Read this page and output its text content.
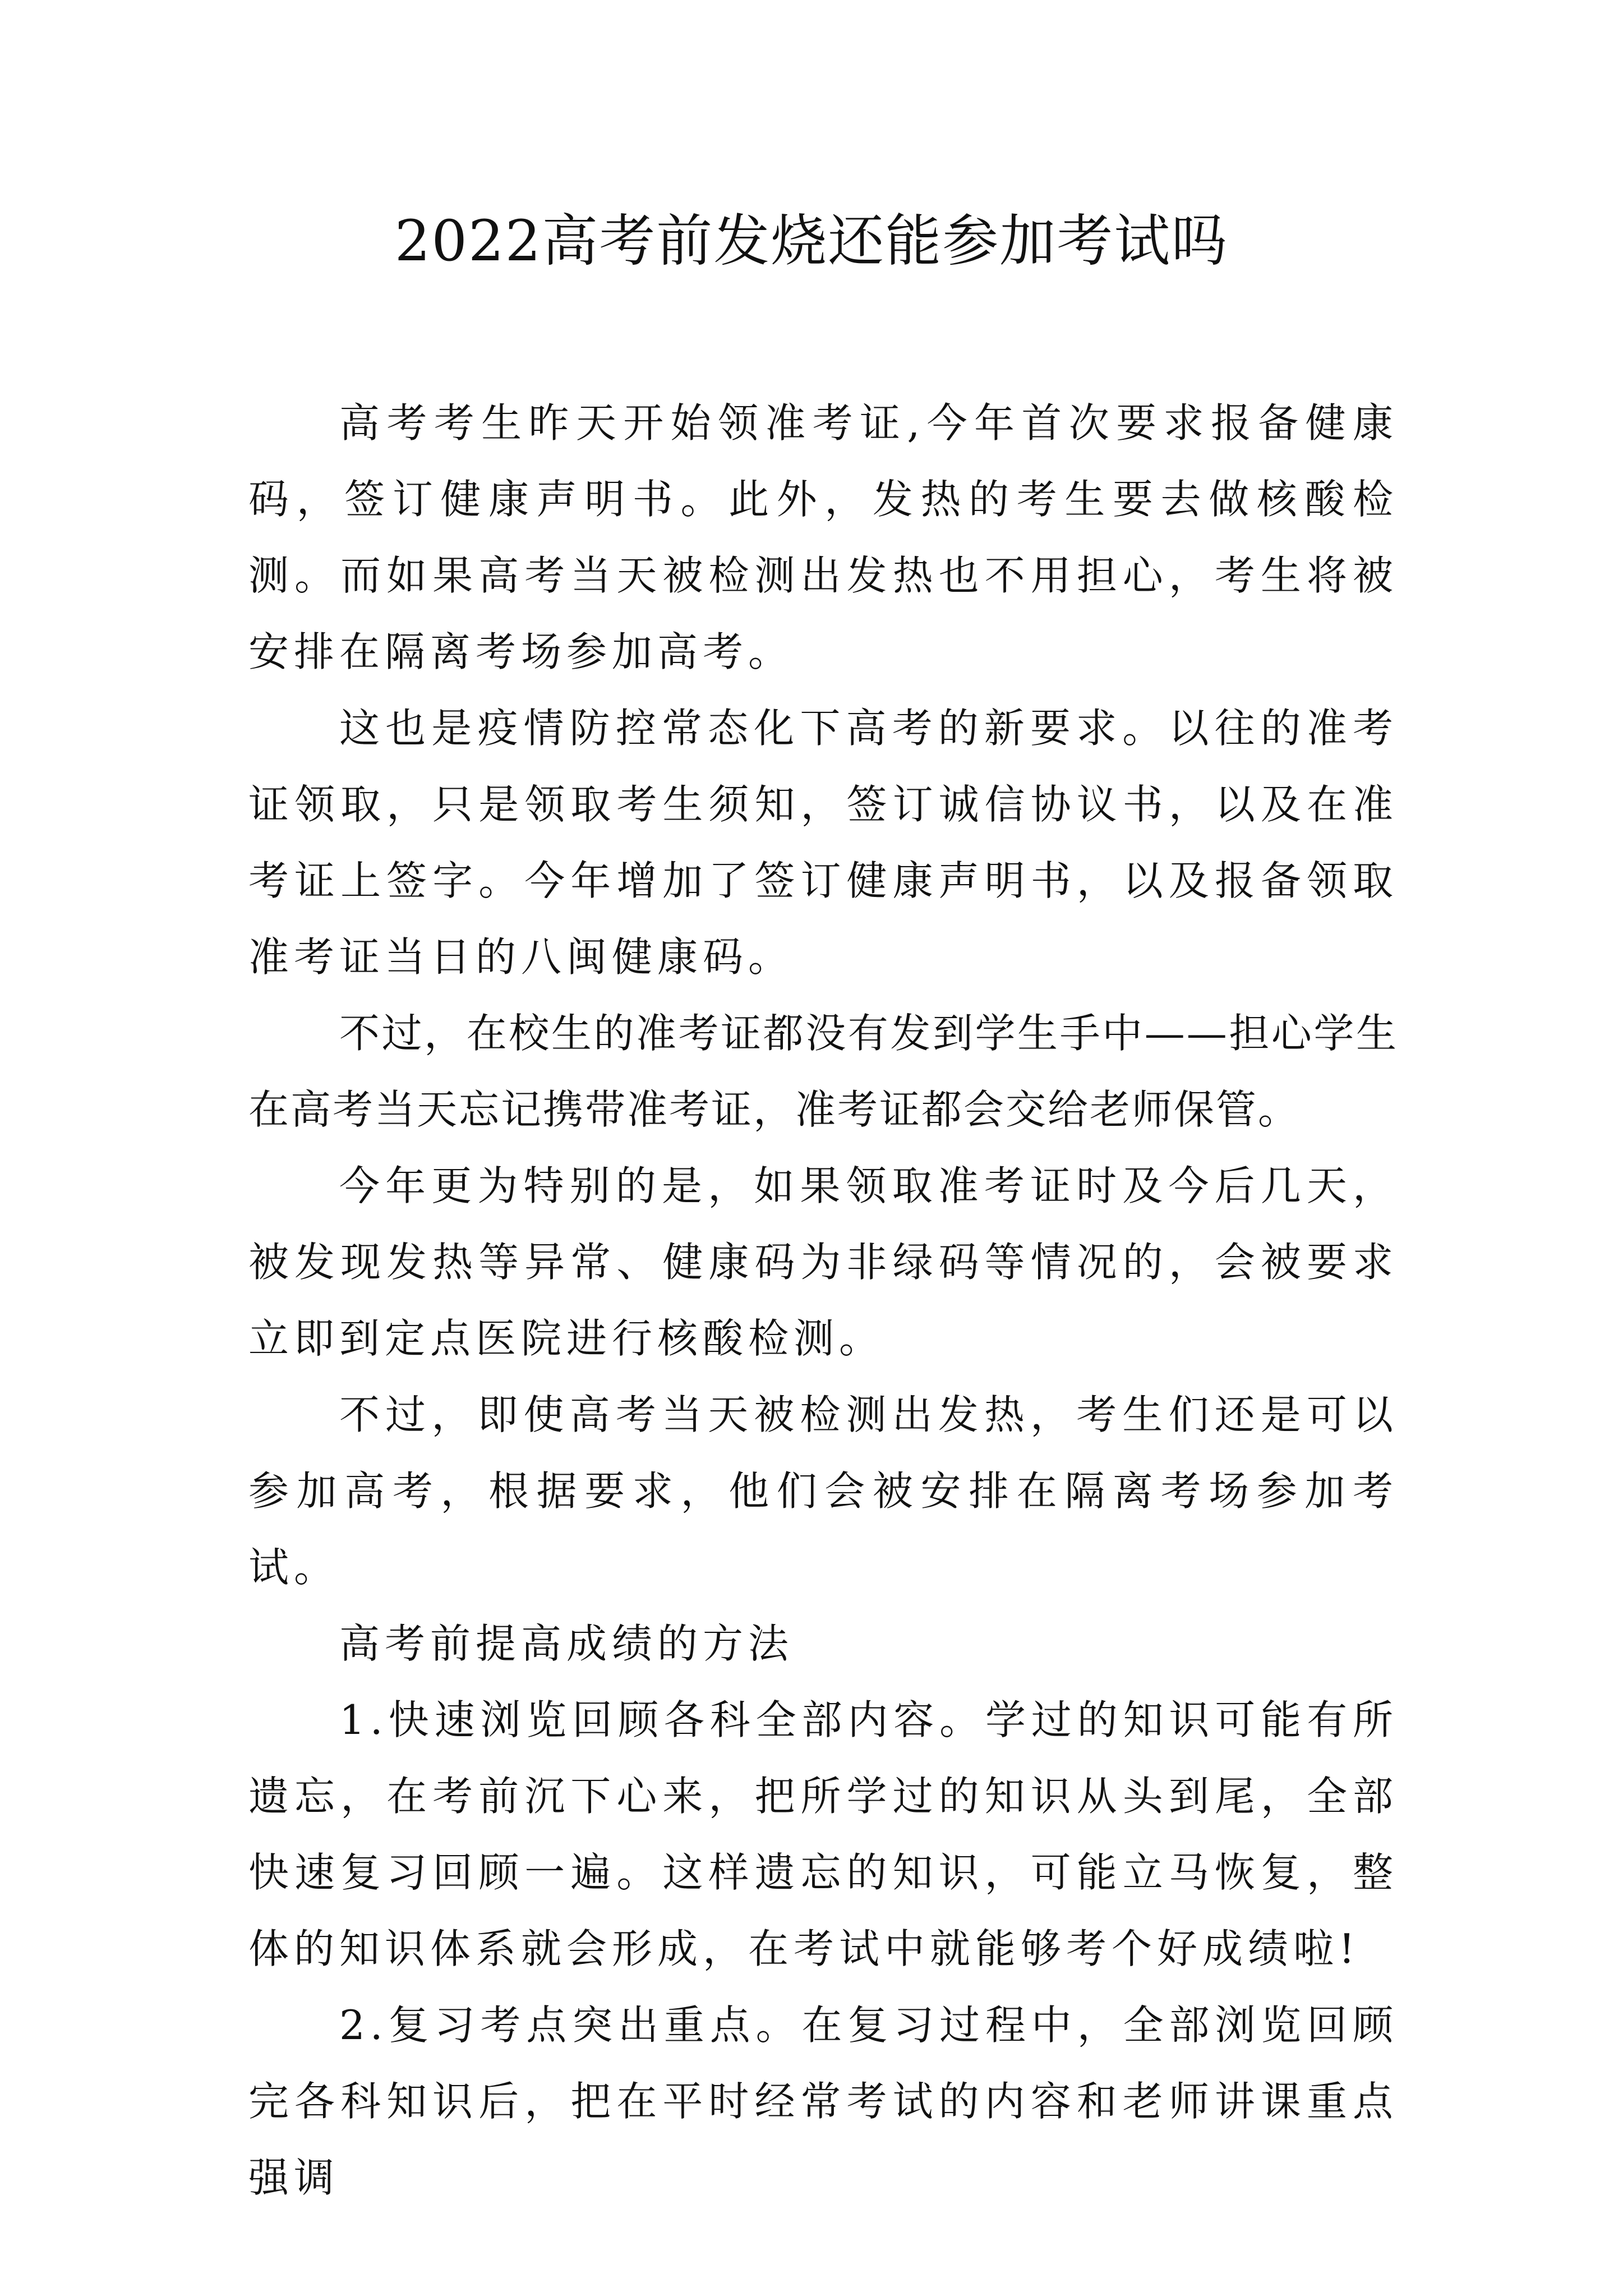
2022高考前发烧还能参加考试吗

高考考生昨天开始领准考证,今年首次要求报备健康码，签订健康声明书。此外，发热的考生要去做核酸检测。而如果高考当天被检测出发热也不用担心，考生将被安排在隔离考场参加高考。

这也是疫情防控常态化下高考的新要求。以往的准考证领取，只是领取考生须知，签订诚信协议书，以及在准考证上签字。今年增加了签订健康声明书，以及报备领取准考证当日的八闽健康码。

不过，在校生的准考证都没有发到学生手中——担心学生在高考当天忘记携带准考证，准考证都会交给老师保管。

今年更为特别的是，如果领取准考证时及今后几天，被发现发热等异常、健康码为非绿码等情况的，会被要求立即到定点医院进行核酸检测。

不过，即使高考当天被检测出发热，考生们还是可以参加高考，根据要求，他们会被安排在隔离考场参加考试。

高考前提高成绩的方法

1.快速浏览回顾各科全部内容。学过的知识可能有所遗忘，在考前沉下心来，把所学过的知识从头到尾，全部快速复习回顾一遍。这样遗忘的知识，可能立马恢复，整体的知识体系就会形成，在考试中就能够考个好成绩啦!

2.复习考点突出重点。在复习过程中，全部浏览回顾完各科知识后，把在平时经常考试的内容和老师讲课重点强调
